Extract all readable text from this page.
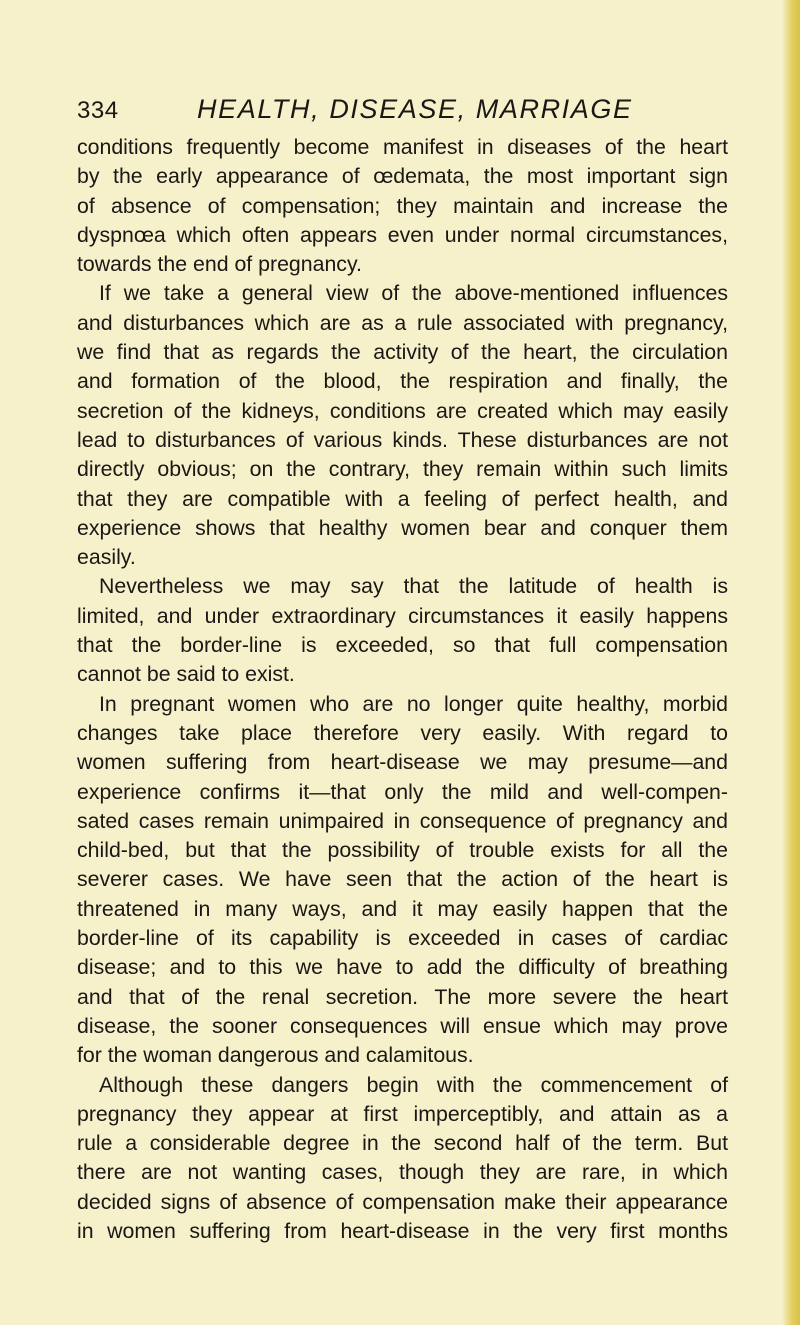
334	HEALTH, DISEASE, MARRIAGE
conditions frequently become manifest in diseases of the heart
by the early appearance of œdemata, the most important sign
of absence of compensation; they maintain and increase the
dyspnœa which often appears even under normal circumstances,
towards the end of pregnancy.
If we take a general view of the above-mentioned influences
and disturbances which are as a rule associated with pregnancy,
we find that as regards the activity of the heart, the circulation
and formation of the blood, the respiration and finally, the
secretion of the kidneys, conditions are created which may easily
lead to disturbances of various kinds. These disturbances are not
directly obvious; on the contrary, they remain within such limits
that they are compatible with a feeling of perfect health, and
experience shows that healthy women bear and conquer them
easily.
Nevertheless we may say that the latitude of health is
limited, and under extraordinary circumstances it easily happens
that the border-line is exceeded, so that full compensation
cannot be said to exist.
In pregnant women who are no longer quite healthy, morbid
changes take place therefore very easily. With regard to
women suffering from heart-disease we may presume—and
experience confirms it—that only the mild and well-compen-
sated cases remain unimpaired in consequence of pregnancy and
child-bed, but that the possibility of trouble exists for all the
severer cases. We have seen that the action of the heart is
threatened in many ways, and it may easily happen that the
border-line of its capability is exceeded in cases of cardiac
disease; and to this we have to add the difficulty of breathing
and that of the renal secretion. The more severe the heart
disease, the sooner consequences will ensue which may prove
for the woman dangerous and calamitous.
Although these dangers begin with the commencement of
pregnancy they appear at first imperceptibly, and attain as a
rule a considerable degree in the second half of the term. But
there are not wanting cases, though they are rare, in which
decided signs of absence of compensation make their appearance
in women suffering from heart-disease in the very first months
